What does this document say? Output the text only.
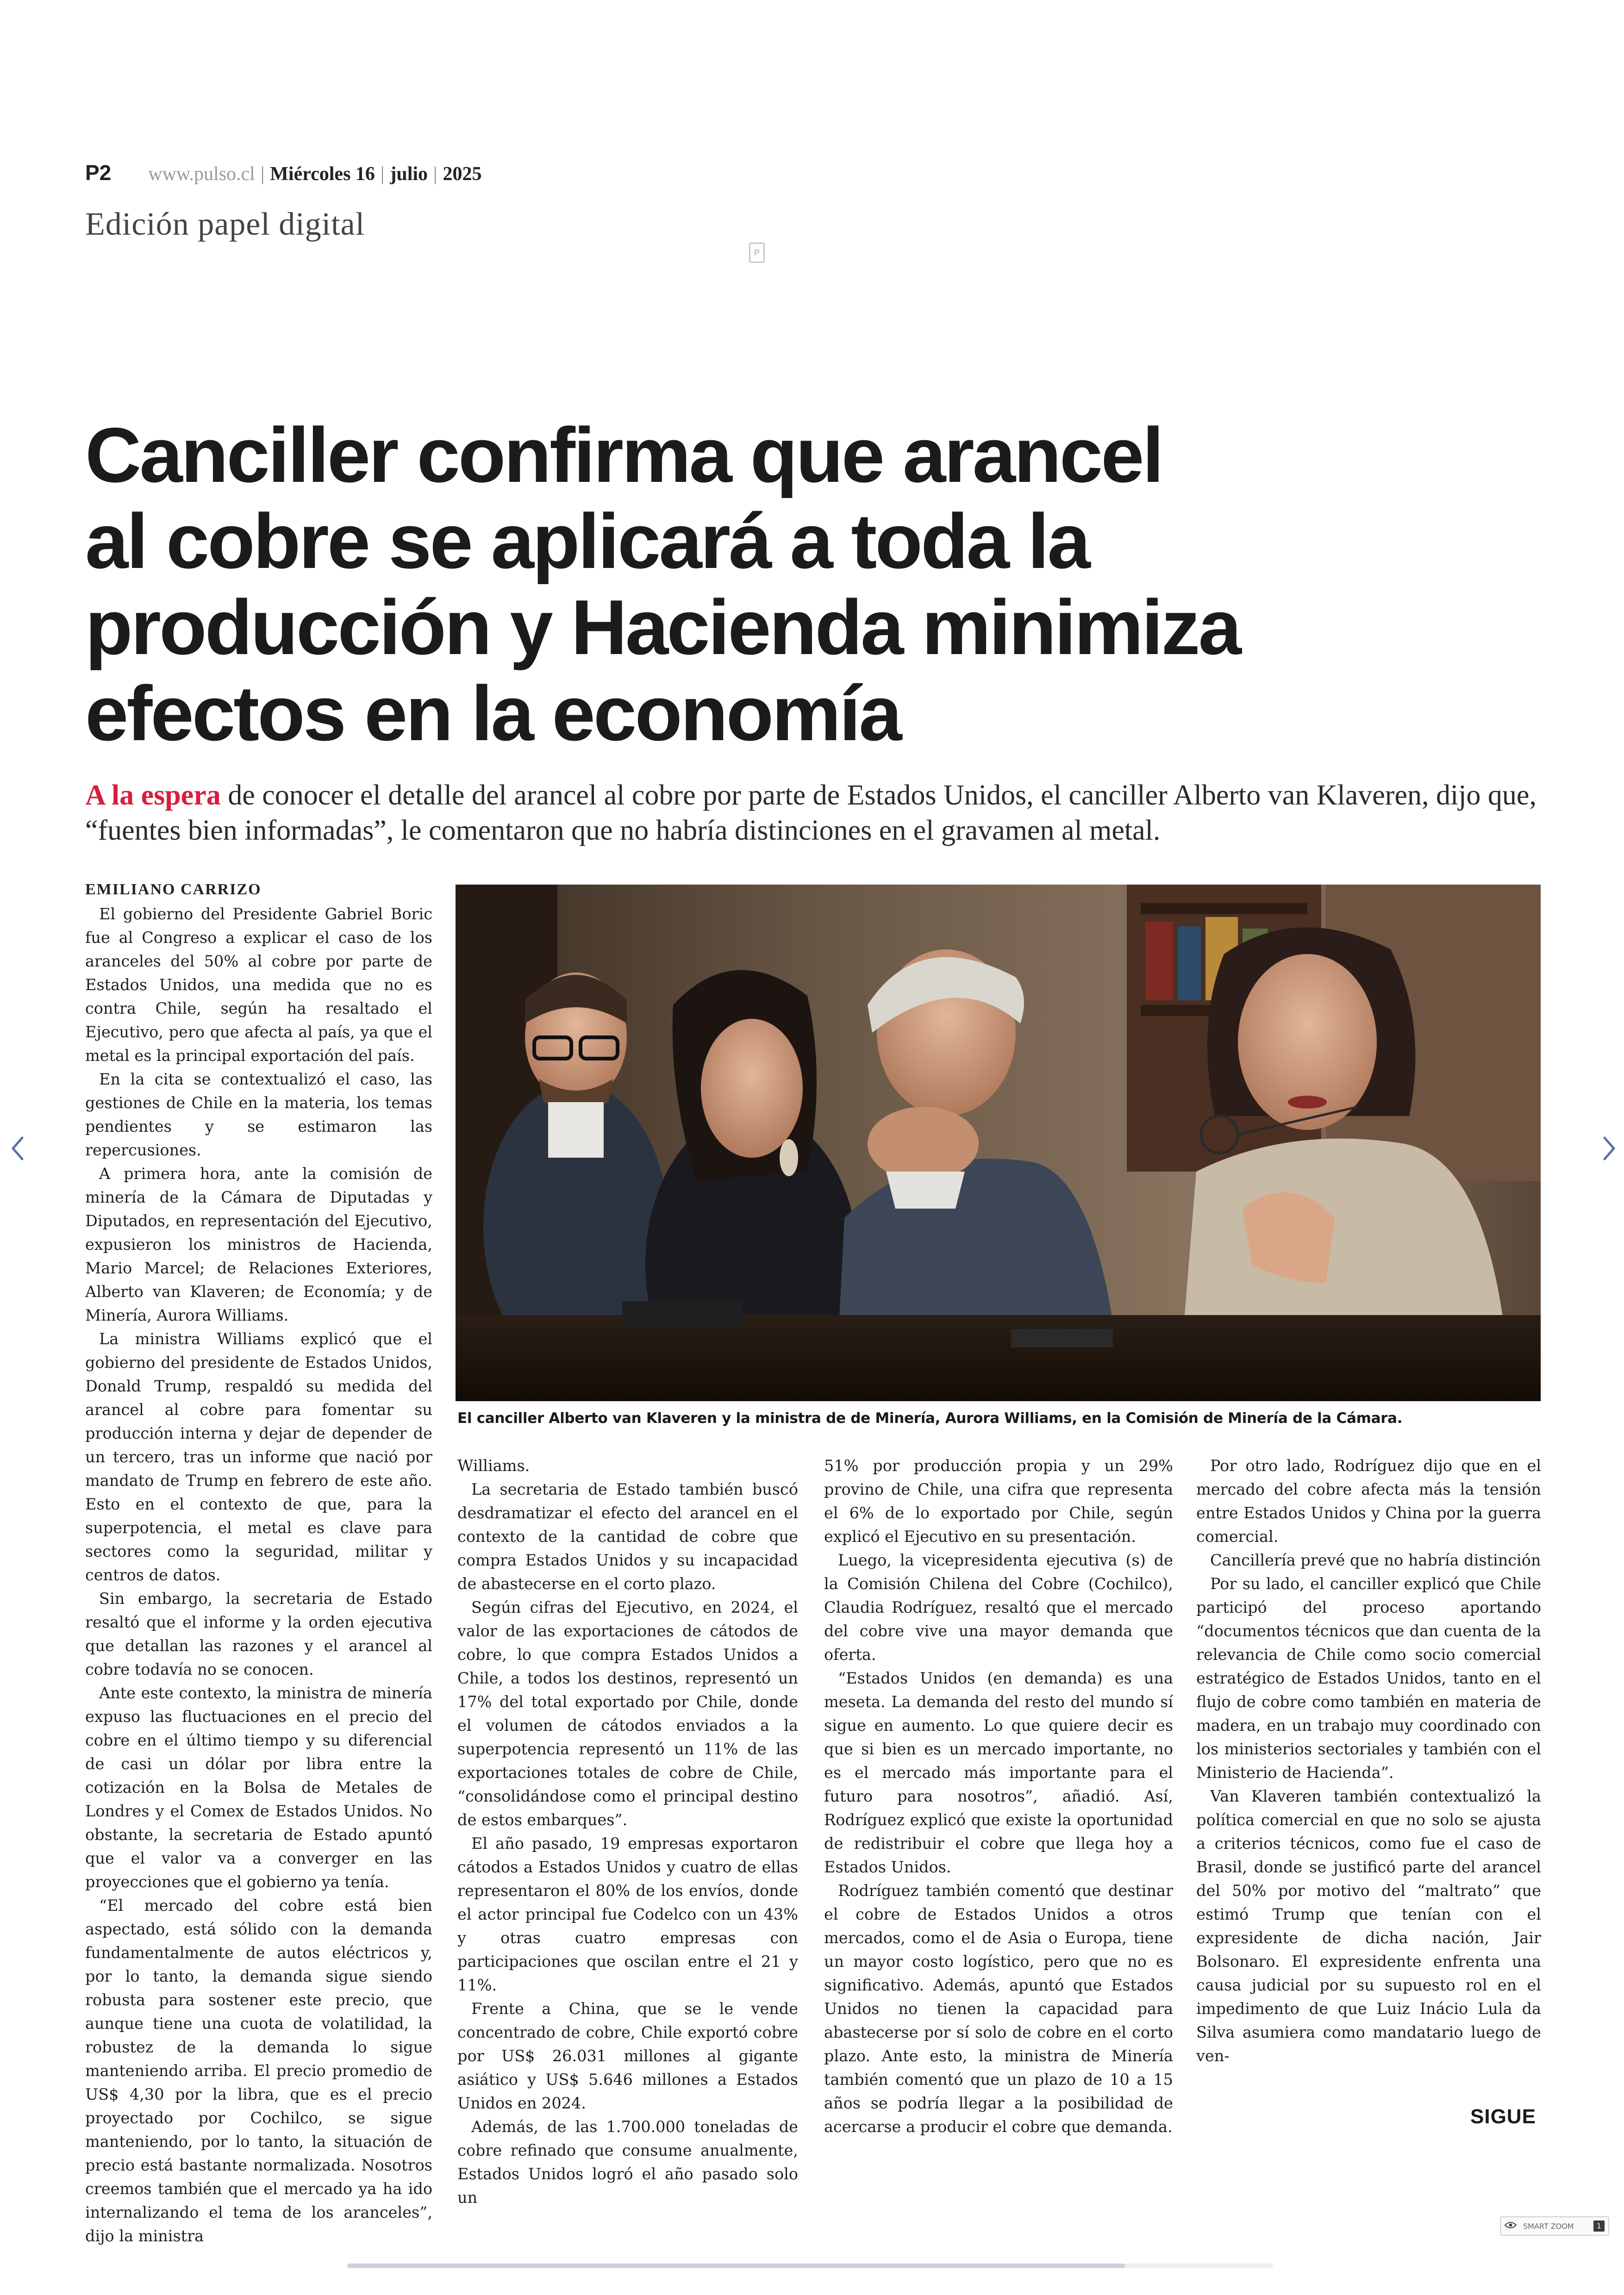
P2 www.pulso.cl | Miércoles 16 | julio | 2025
Edición papel digital
P
Canciller confirma que arancel
al cobre se aplicará a toda la
producción y Hacienda minimiza
efectos en la economía
A la espera de conocer el detalle del arancel al cobre por parte de Estados Unidos, el canciller Alberto van Klaveren, dijo que, “fuentes bien informadas”, le comentaron que no habría distinciones en el gravamen al metal.
EMILIANO CARRIZO

El gobierno del Presidente Gabriel Boric fue al Congreso a explicar el caso de los aranceles del 50% al cobre por parte de Estados Unidos, una medida que no es contra Chile, según ha resaltado el Ejecutivo, pero que afecta al país, ya que el metal es la principal exportación del país.

En la cita se contextualizó el caso, las gestiones de Chile en la materia, los temas pendientes y se estimaron las repercusiones.

A primera hora, ante la comisión de minería de la Cámara de Diputadas y Diputados, en representación del Ejecutivo, expusieron los ministros de Hacienda, Mario Marcel; de Relaciones Exteriores, Alberto van Klaveren; de Economía; y de Minería, Aurora Williams.

La ministra Williams explicó que el gobierno del presidente de Estados Unidos, Donald Trump, respaldó su medida del arancel al cobre para fomentar su producción interna y dejar de depender de un tercero, tras un informe que nació por mandato de Trump en febrero de este año. Esto en el contexto de que, para la superpotencia, el metal es clave para sectores como la seguridad, militar y centros de datos.

Sin embargo, la secretaria de Estado resaltó que el informe y la orden ejecutiva que detallan las razones y el arancel al cobre todavía no se conocen.

Ante este contexto, la ministra de minería expuso las fluctuaciones en el precio del cobre en el último tiempo y su diferencial de casi un dólar por libra entre la cotización en la Bolsa de Metales de Londres y el Comex de Estados Unidos. No obstante, la secretaria de Estado apuntó que el valor va a converger en las proyecciones que el gobierno ya tenía.

“El mercado del cobre está bien aspectado, está sólido con la demanda fundamentalmente de autos eléctricos y, por lo tanto, la demanda sigue siendo robusta para sostener este precio, que aunque tiene una cuota de volatilidad, la robustez de la demanda lo sigue manteniendo arriba. El precio promedio de US$ 4,30 por la libra, que es el precio proyectado por Cochilco, se sigue manteniendo, por lo tanto, la situación de precio está bastante normalizada. Nosotros creemos también que el mercado ya ha ido internalizando el tema de los aranceles”, dijo la ministra

El canciller Alberto van Klaveren y la ministra de de Minería, Aurora Williams, en la Comisión de Minería de la Cámara.

Williams.

La secretaria de Estado también buscó desdramatizar el efecto del arancel en el contexto de la cantidad de cobre que compra Estados Unidos y su incapacidad de abastecerse en el corto plazo.

Según cifras del Ejecutivo, en 2024, el valor de las exportaciones de cátodos de cobre, lo que compra Estados Unidos a Chile, a todos los destinos, representó un 17% del total exportado por Chile, donde el volumen de cátodos enviados a la superpotencia representó un 11% de las exportaciones totales de cobre de Chile, “consolidándose como el principal destino de estos embarques”.

El año pasado, 19 empresas exportaron cátodos a Estados Unidos y cuatro de ellas representaron el 80% de los envíos, donde el actor principal fue Codelco con un 43% y otras cuatro empresas con participaciones que oscilan entre el 21 y 11%.

Frente a China, que se le vende concentrado de cobre, Chile exportó cobre por US$ 26.031 millones al gigante asiático y US$ 5.646 millones a Estados Unidos en 2024.

Además, de las 1.700.000 toneladas de cobre refinado que consume anualmente, Estados Unidos logró el año pasado solo un

51% por producción propia y un 29% provino de Chile, una cifra que representa el 6% de lo exportado por Chile, según explicó el Ejecutivo en su presentación.

Luego, la vicepresidenta ejecutiva (s) de la Comisión Chilena del Cobre (Cochilco), Claudia Rodríguez, resaltó que el mercado del cobre vive una mayor demanda que oferta.

“Estados Unidos (en demanda) es una meseta. La demanda del resto del mundo sí sigue en aumento. Lo que quiere decir es que si bien es un mercado importante, no es el mercado más importante para el futuro para nosotros”, añadió. Así, Rodríguez explicó que existe la oportunidad de redistribuir el cobre que llega hoy a Estados Unidos.

Rodríguez también comentó que destinar el cobre de Estados Unidos a otros mercados, como el de Asia o Europa, tiene un mayor costo logístico, pero que no es significativo. Además, apuntó que Estados Unidos no tienen la capacidad para abastecerse por sí solo de cobre en el corto plazo. Ante esto, la ministra de Minería también comentó que un plazo de 10 a 15 años se podría llegar a la posibilidad de acercarse a producir el cobre que demanda.

Por otro lado, Rodríguez dijo que en el mercado del cobre afecta más la tensión entre Estados Unidos y China por la guerra comercial.

Cancillería prevé que no habría distinción

Por su lado, el canciller explicó que Chile participó del proceso aportando “documentos técnicos que dan cuenta de la relevancia de Chile como socio comercial estratégico de Estados Unidos, tanto en el flujo de cobre como también en materia de madera, en un trabajo muy coordinado con los ministerios sectoriales y también con el Ministerio de Hacienda”.

Van Klaveren también contextualizó la política comercial en que no solo se ajusta a criterios técnicos, como fue el caso de Brasil, donde se justificó parte del arancel del 50% por motivo del “maltrato” que estimó Trump que tenían con el expresidente de dicha nación, Jair Bolsonaro. El expresidente enfrenta una causa judicial por su supuesto rol en el impedimento de que Luiz Inácio Lula da Silva asumiera como mandatario luego de ven-

SIGUE
SMART ZOOM	1
